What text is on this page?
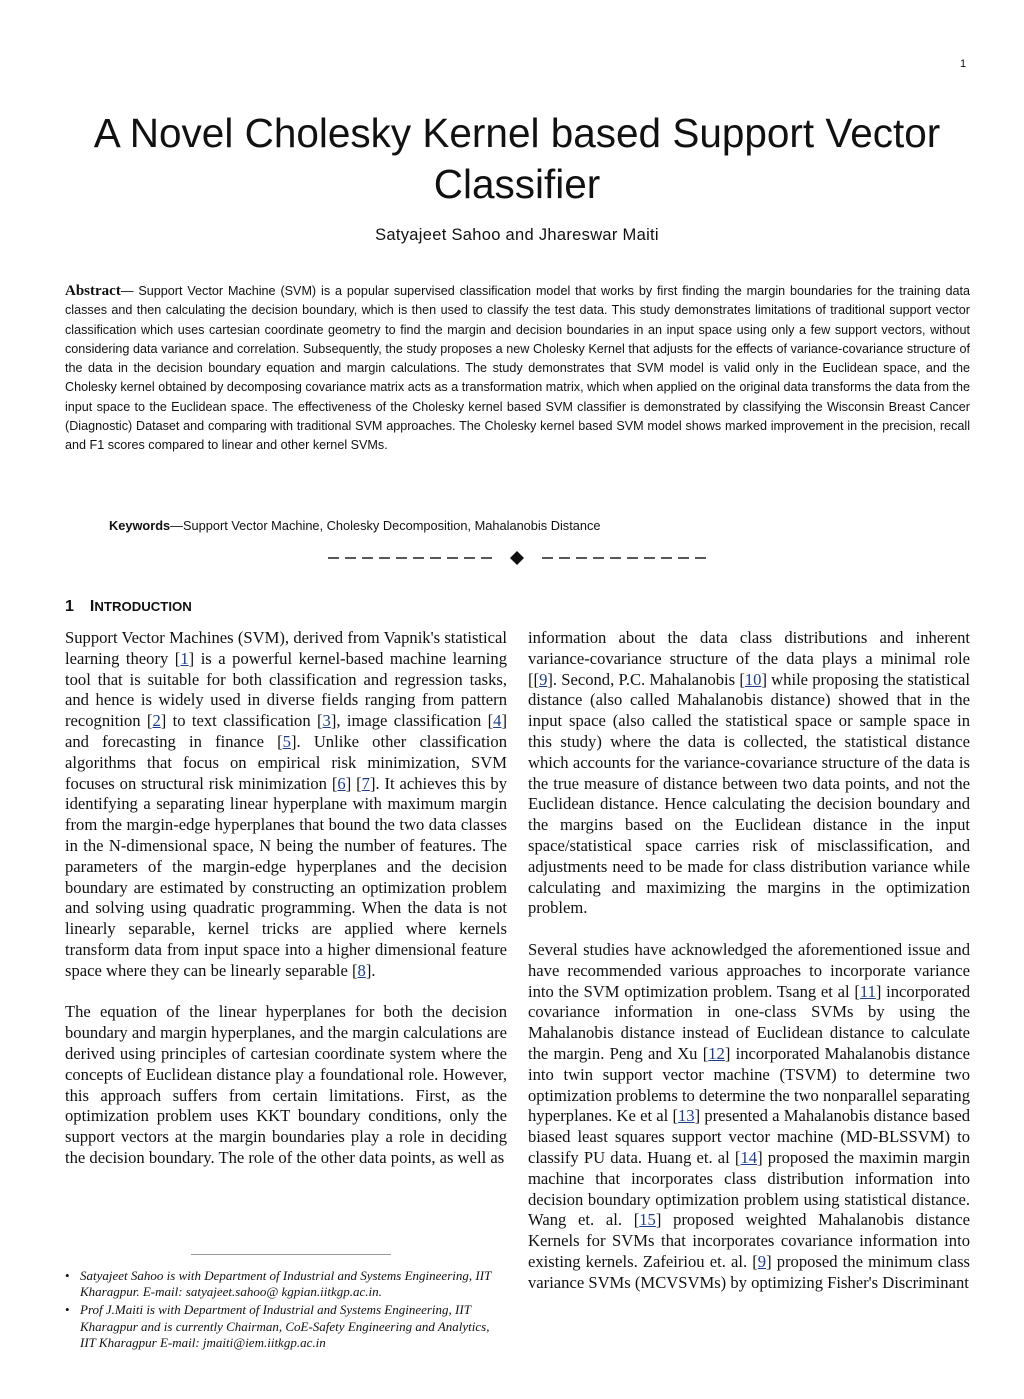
1
A Novel Cholesky Kernel based Support Vector Classifier
Satyajeet Sahoo and Jhareswar Maiti

Abstract— Support Vector Machine (SVM) is a popular supervised classification model that works by first finding the margin boundaries for the training data classes and then calculating the decision boundary, which is then used to classify the test data. This study demonstrates limitations of traditional support vector classification which uses cartesian coordinate geometry to find the margin and decision boundaries in an input space using only a few support vectors, without considering data variance and correlation. Subsequently, the study proposes a new Cholesky Kernel that adjusts for the effects of variance-covariance structure of the data in the decision boundary equation and margin calculations. The study demonstrates that SVM model is valid only in the Euclidean space, and the Cholesky kernel obtained by decomposing covariance matrix acts as a transformation matrix, which when applied on the original data transforms the data from the input space to the Euclidean space. The effectiveness of the Cholesky kernel based SVM classifier is demonstrated by classifying the Wisconsin Breast Cancer (Diagnostic) Dataset and comparing with traditional SVM approaches. The Cholesky kernel based SVM model shows marked improvement in the precision, recall and F1 scores compared to linear and other kernel SVMs.

Keywords—Support Vector Machine, Cholesky Decomposition, Mahalanobis Distance
1 INTRODUCTION

Support Vector Machines (SVM), derived from Vapnik's statistical learning theory [1] is a powerful kernel-based machine learning tool that is suitable for both classification and regression tasks, and hence is widely used in diverse fields ranging from pattern recognition [2] to text classification [3], image classification [4] and forecasting in finance [5]. Unlike other classification algorithms that focus on empirical risk minimization, SVM focuses on structural risk minimization [6] [7]. It achieves this by identifying a separating linear hyperplane with maximum margin from the margin-edge hyperplanes that bound the two data classes in the N-dimensional space, N being the number of features. The parameters of the margin-edge hyperplanes and the decision boundary are estimated by constructing an optimization problem and solving using quadratic programming. When the data is not linearly separable, kernel tricks are applied where kernels transform data from input space into a higher dimensional feature space where they can be linearly separable [8].

The equation of the linear hyperplanes for both the decision boundary and margin hyperplanes, and the margin calculations are derived using principles of cartesian coordinate system where the concepts of Euclidean distance play a foundational role. However, this approach suffers from certain limitations. First, as the optimization problem uses KKT boundary conditions, only the support vectors at the margin boundaries play a role in deciding the decision boundary. The role of the other data points, as well as

• Satyajeet Sahoo is with Department of Industrial and Systems Engineering, IIT Kharagpur. E-mail: satyajeet.sahoo@ kgpian.iitkgp.ac.in.
• Prof J.Maiti is with Department of Industrial and Systems Engineering, IIT Kharagpur and is currently Chairman, CoE-Safety Engineering and Analytics, IIT Kharagpur E-mail: jmaiti@iem.iitkgp.ac.in

information about the data class distributions and inherent variance-covariance structure of the data plays a minimal role [[9]. Second, P.C. Mahalanobis [10] while proposing the statistical distance (also called Mahalanobis distance) showed that in the input space (also called the statistical space or sample space in this study) where the data is collected, the statistical distance which accounts for the variance-covariance structure of the data is the true measure of distance between two data points, and not the Euclidean distance. Hence calculating the decision boundary and the margins based on the Euclidean distance in the input space/statistical space carries risk of misclassification, and adjustments need to be made for class distribution variance while calculating and maximizing the margins in the optimization problem.

Several studies have acknowledged the aforementioned issue and have recommended various approaches to incorporate variance into the SVM optimization problem. Tsang et al [11] incorporated covariance information in one-class SVMs by using the Mahalanobis distance instead of Euclidean distance to calculate the margin. Peng and Xu [12] incorporated Mahalanobis distance into twin support vector machine (TSVM) to determine two optimization problems to determine the two nonparallel separating hyperplanes. Ke et al [13] presented a Mahalanobis distance based biased least squares support vector machine (MD-BLSSVM) to classify PU data. Huang et. al [14] proposed the maximin margin machine that incorporates class distribution information into decision boundary optimization problem using statistical distance. Wang et. al. [15] proposed weighted Mahalanobis distance Kernels for SVMs that incorporates covariance information into existing kernels. Zafeiriou et. al. [9] proposed the minimum class variance SVMs (MCVSVMs) by optimizing Fisher's Discriminant
